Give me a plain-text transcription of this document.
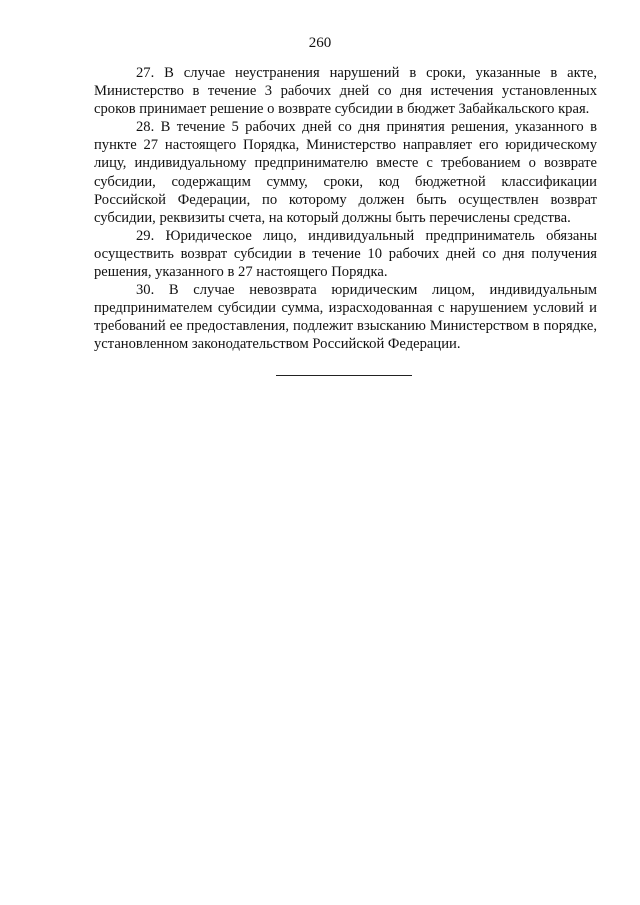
260

27. В случае неустранения нарушений в сроки, указанные в акте, Министерство в течение 3 рабочих дней со дня истечения установленных сроков принимает решение о возврате субсидии в бюджет Забайкальского края.

28. В течение 5 рабочих дней со дня принятия решения, указанного в пункте 27 настоящего Порядка, Министерство направляет его юридическому лицу, индивидуальному предпринимателю вместе с требованием о возврате субсидии, содержащим сумму, сроки, код бюджетной классификации Российской Федерации, по которому должен быть осуществлен возврат субсидии, реквизиты счета, на который должны быть перечислены средства.

29. Юридическое лицо, индивидуальный предприниматель обязаны осуществить возврат субсидии в течение 10 рабочих дней со дня получения решения, указанного в 27 настоящего Порядка.

30. В случае невозврата юридическим лицом, индивидуальным предпринимателем субсидии сумма, израсходованная с нарушением условий и требований ее предоставления, подлежит взысканию Министерством в порядке, установленном законодательством Российской Федерации.
